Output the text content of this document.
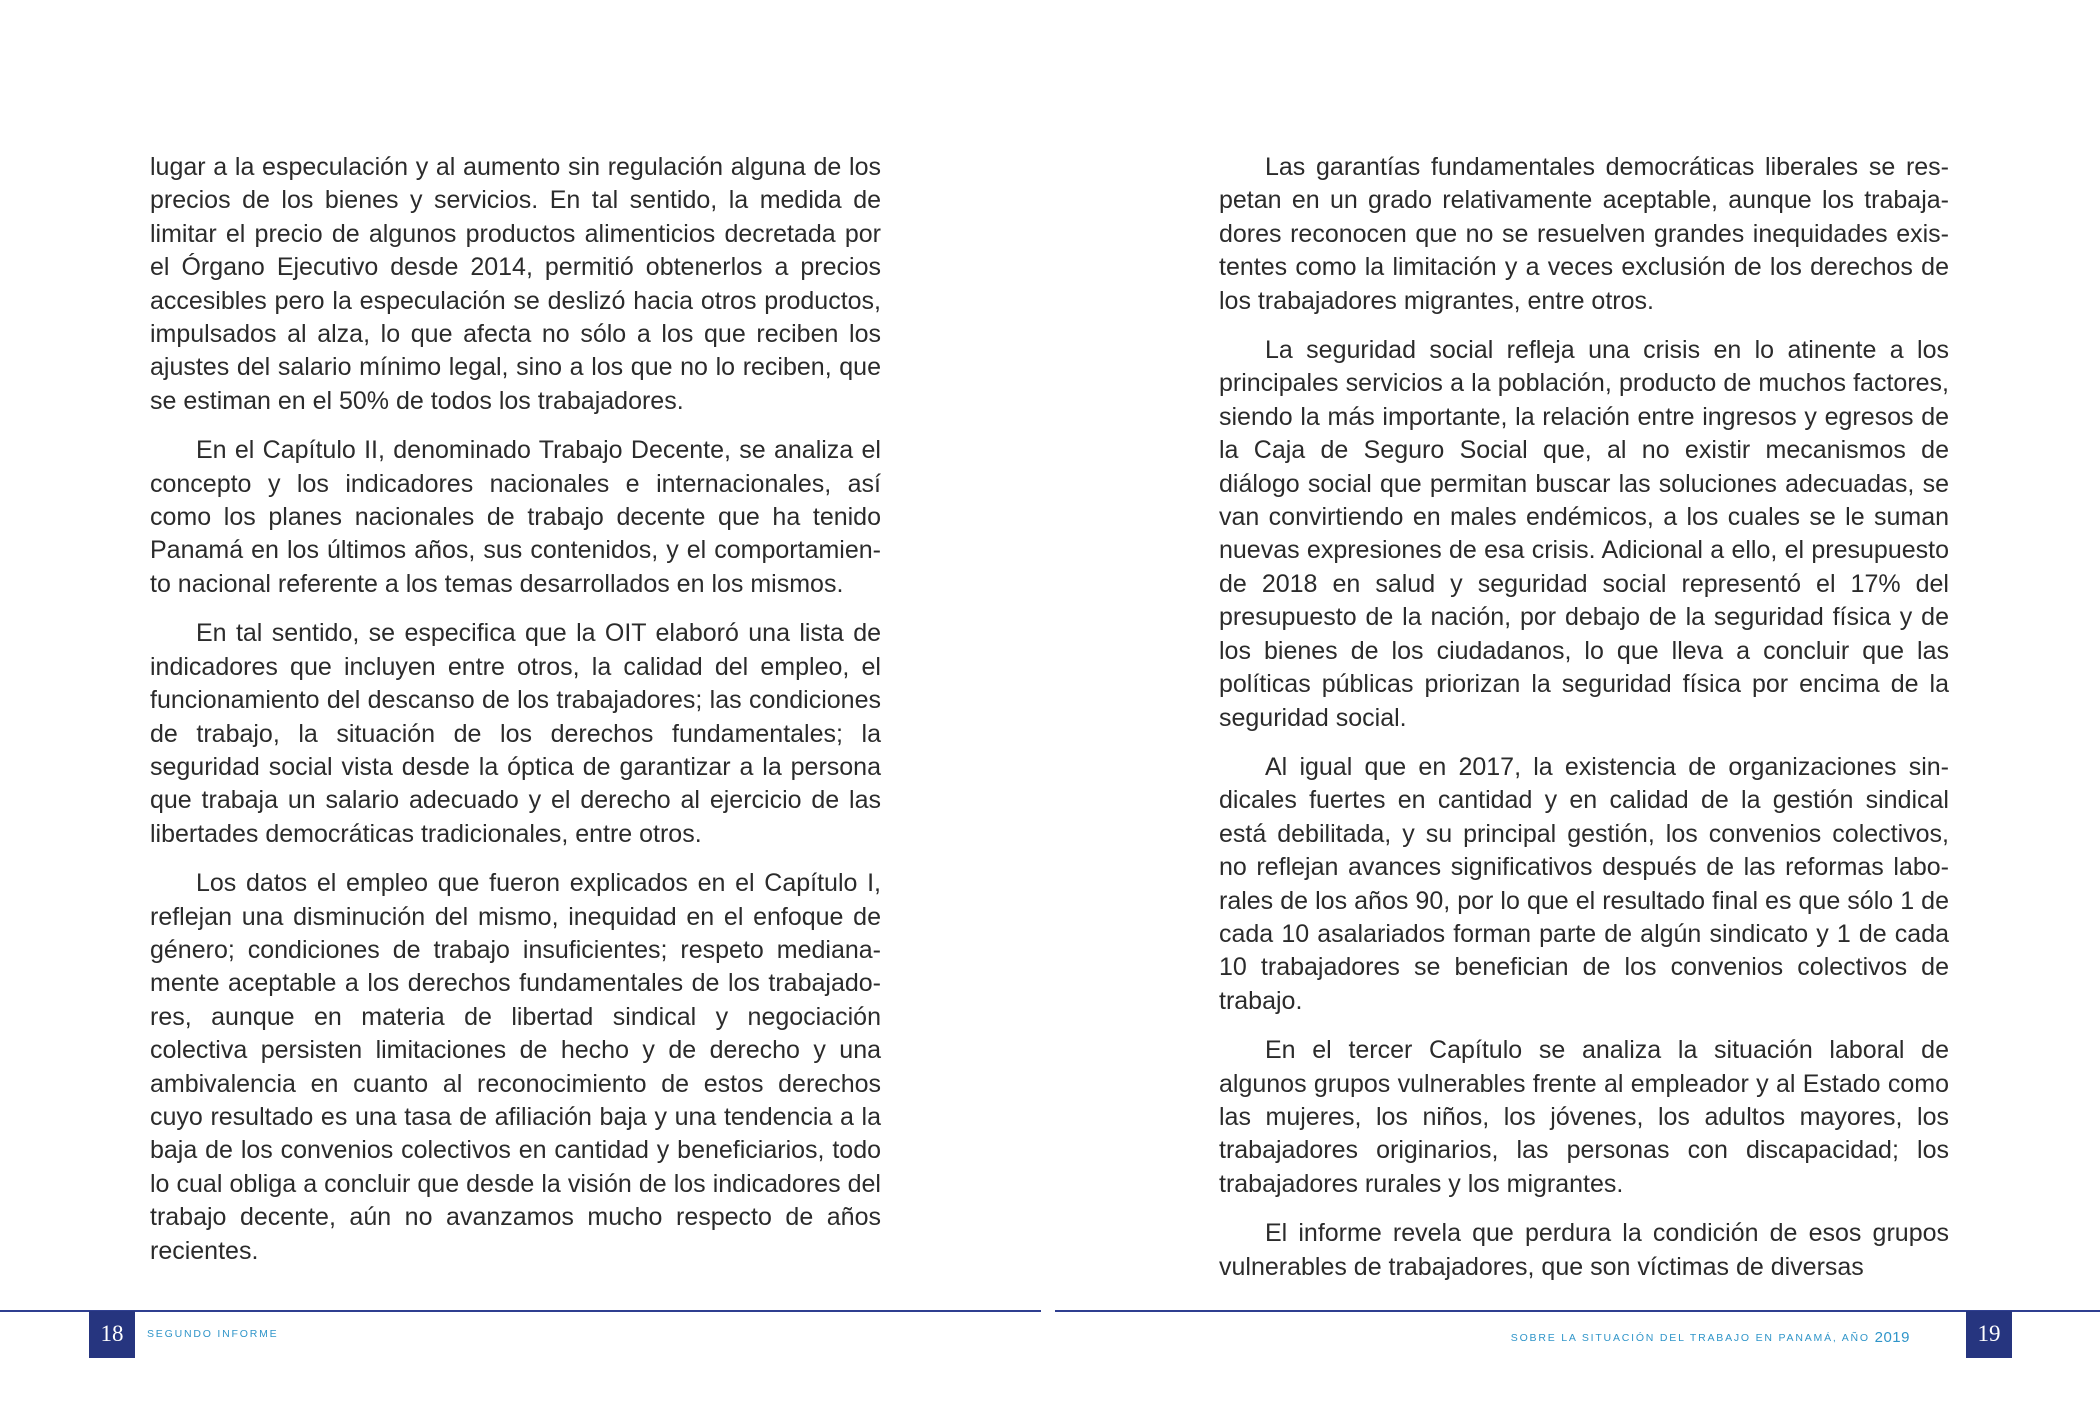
lugar a la especulación y al aumento sin regulación alguna de los precios de los bienes y servicios. En tal sentido, la medida de limitar el precio de algunos productos alimenticios decretada por el Órgano Ejecutivo desde 2014, permitió obtenerlos a precios accesibles pero la especulación se deslizó hacia otros productos, impulsados al alza, lo que afecta no sólo a los que reciben los ajustes del salario mínimo legal, sino a los que no lo reciben, que se estiman en el 50% de todos los trabajadores.

En el Capítulo II, denominado Trabajo Decente, se analiza el concepto y los indicadores nacionales e internacionales, así como los planes nacionales de trabajo decente que ha tenido Panamá en los últimos años, sus contenidos, y el comportamiento nacional referente a los temas desarrollados en los mismos.

En tal sentido, se especifica que la OIT elaboró una lista de indicadores que incluyen entre otros, la calidad del empleo, el funcionamiento del descanso de los trabajadores; las condiciones de trabajo, la situación de los derechos fundamentales; la seguridad social vista desde la óptica de garantizar a la persona que trabaja un salario adecuado y el derecho al ejercicio de las libertades democráticas tradicionales, entre otros.

Los datos el empleo que fueron explicados en el Capítulo I, reflejan una disminución del mismo, inequidad en el enfoque de género; condiciones de trabajo insuficientes; respeto medianamente aceptable a los derechos fundamentales de los trabajadores, aunque en materia de libertad sindical y negociación colectiva persisten limitaciones de hecho y de derecho y una ambivalencia en cuanto al reconocimiento de estos derechos cuyo resultado es una tasa de afiliación baja y una tendencia a la baja de los convenios colectivos en cantidad y beneficiarios, todo lo cual obliga a concluir que desde la visión de los indicadores del trabajo decente, aún no avanzamos mucho respecto de años recientes.

18	SEGUNDO INFORME

Las garantías fundamentales democráticas liberales se respetan en un grado relativamente aceptable, aunque los trabajadores reconocen que no se resuelven grandes inequidades existentes como la limitación y a veces exclusión de los derechos de los trabajadores migrantes, entre otros.

La seguridad social refleja una crisis en lo atinente a los principales servicios a la población, producto de muchos factores, siendo la más importante, la relación entre ingresos y egresos de la Caja de Seguro Social que, al no existir mecanismos de diálogo social que permitan buscar las soluciones adecuadas, se van convirtiendo en males endémicos, a los cuales se le suman nuevas expresiones de esa crisis. Adicional a ello, el presupuesto de 2018 en salud y seguridad social representó el 17% del presupuesto de la nación, por debajo de la seguridad física y de los bienes de los ciudadanos, lo que lleva a concluir que las políticas públicas priorizan la seguridad física por encima de la seguridad social.

Al igual que en 2017, la existencia de organizaciones sindicales fuertes en cantidad y en calidad de la gestión sindical está debilitada, y su principal gestión, los convenios colectivos, no reflejan avances significativos después de las reformas laborales de los años 90, por lo que el resultado final es que sólo 1 de cada 10 asalariados forman parte de algún sindicato y 1 de cada 10 trabajadores se benefician de los convenios colectivos de trabajo.

En el tercer Capítulo se analiza la situación laboral de algunos grupos vulnerables frente al empleador y al Estado como las mujeres, los niños, los jóvenes, los adultos mayores, los trabajadores originarios, las personas con discapacidad; los trabajadores rurales y los migrantes.

El informe revela que perdura la condición de esos grupos vulnerables de trabajadores, que son víctimas de diversas

SOBRE LA SITUACIÓN DEL TRABAJO EN PANAMÁ, AÑO 2019	19
